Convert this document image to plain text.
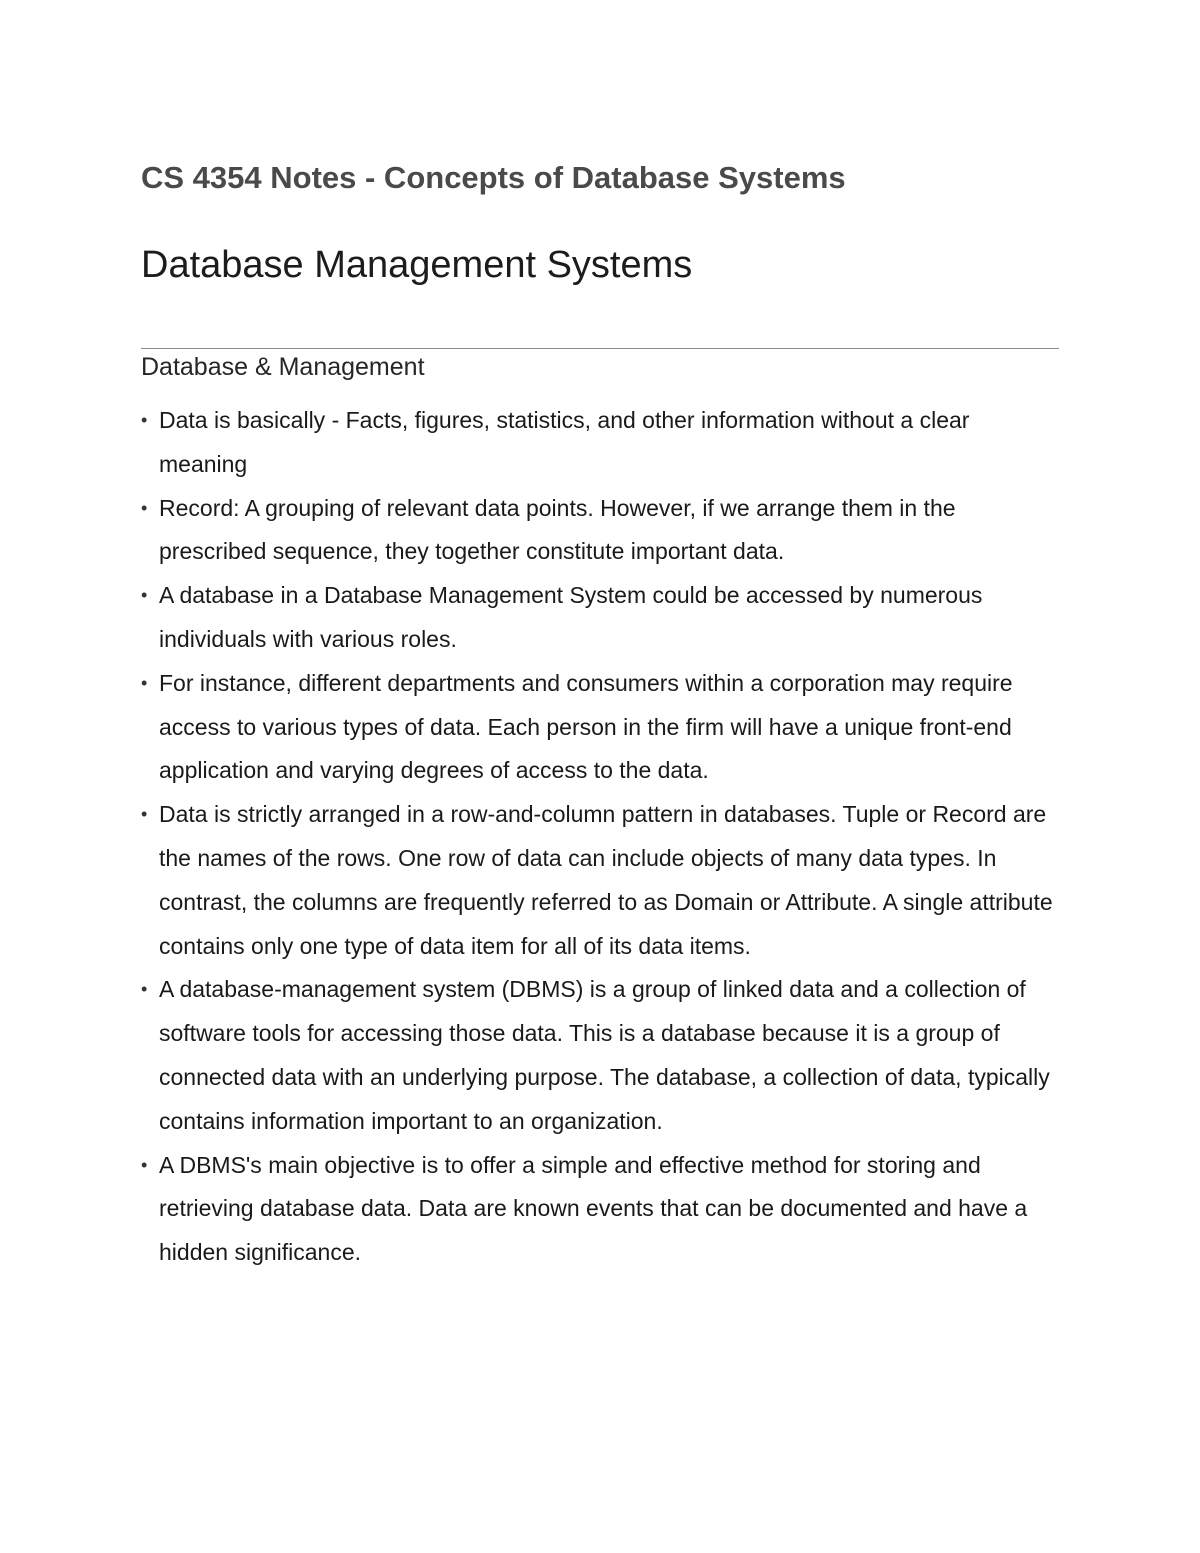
CS 4354 Notes - Concepts of Database Systems
Database Management Systems
Database & Management
• Data is basically - Facts, figures, statistics, and other information without a clear meaning
• Record: A grouping of relevant data points. However, if we arrange them in the prescribed sequence, they together constitute important data.
• A database in a Database Management System could be accessed by numerous individuals with various roles.
• For instance, different departments and consumers within a corporation may require access to various types of data. Each person in the firm will have a unique front-end application and varying degrees of access to the data.
• Data is strictly arranged in a row-and-column pattern in databases. Tuple or Record are the names of the rows. One row of data can include objects of many data types. In contrast, the columns are frequently referred to as Domain or Attribute. A single attribute contains only one type of data item for all of its data items.
• A database-management system (DBMS) is a group of linked data and a collection of software tools for accessing those data. This is a database because it is a group of connected data with an underlying purpose. The database, a collection of data, typically contains information important to an organization.
• A DBMS's main objective is to offer a simple and effective method for storing and retrieving database data. Data are known events that can be documented and have a hidden significance.
